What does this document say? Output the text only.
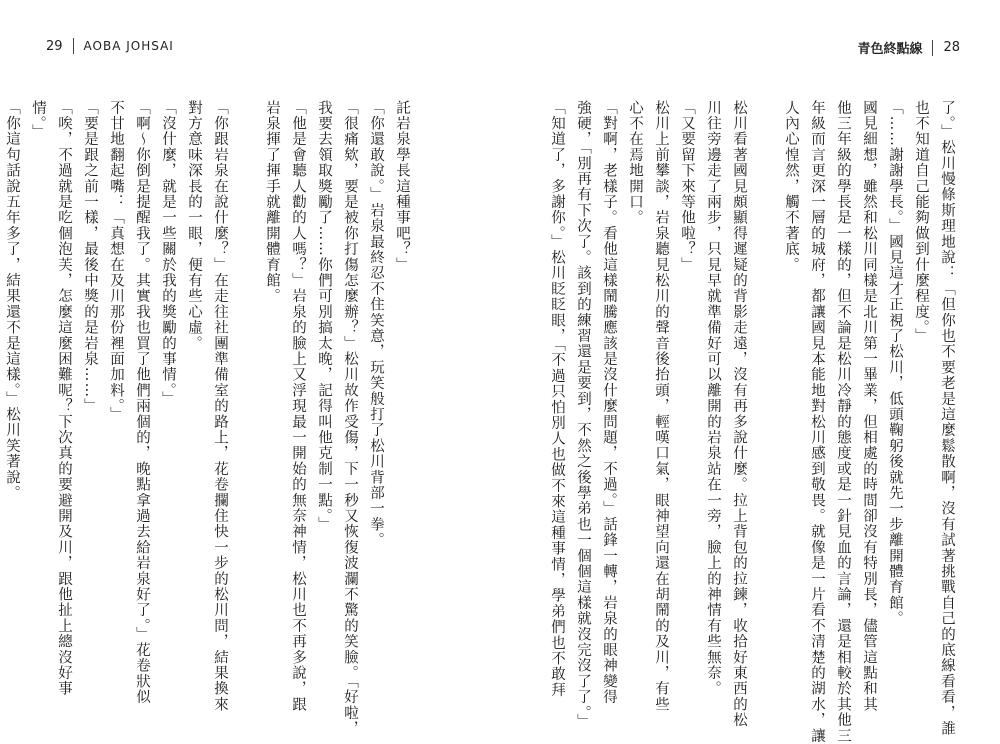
29 AOBA JOHSAI
託岩泉學長這種事吧？」
「你還敢說。」岩泉最終忍不住笑意，玩笑般打了松川背部一拳。
「很痛欸，要是被你打傷怎麼辦？」松川故作受傷，下一秒又恢復波瀾不驚的笑臉。「好啦，
我要去領取獎勵了……你們可別搞太晚，記得叫他克制一點。」
「他是會聽人勸的人嗎？」岩泉的臉上又浮現最一開始的無奈神情，松川也不再多說，跟
岩泉揮了揮手就離開體育館。

「你跟岩泉在說什麼？」在走往社團準備室的路上，花卷攔住快一步的松川問，結果換來
對方意味深長的一眼，便有些心虛。
「沒什麼，就是一些關於我的獎勵的事情。」
「啊～你倒是提醒我了。其實我也買了他們兩個的，晚點拿過去給岩泉好了。」花卷狀似
不甘地翻起嘴：「真想在及川那份裡面加料。」
「要是跟之前一樣，最後中獎的是岩泉……」
「唉，不過就是吃個泡芙，怎麼這麼困難呢？下次真的要避開及川，跟他扯上總沒好事
情。」
「你這句話說五年多了，結果還不是這樣。」松川笑著說。
青色終點線 28
了。」松川慢條斯理地說：「但你也不要老是這麼鬆散啊，沒有試著挑戰自己的底線看看，誰
也不知道自己能夠做到什麼程度。」
「……謝謝學長。」國見這才正視了松川，低頭鞠躬後就先一步離開體育館。
國見細想，雖然和松川同樣是北川第一畢業，但相處的時間卻沒有特別長，儘管這點和其
他三年級的學長是一樣的，但不論是松川冷靜的態度或是一針見血的言論，還是相較於其他三
年級而言更深一層的城府，都讓國見本能地對松川感到敬畏。就像是一片看不清楚的湖水，讓
人內心惶然，觸不著底。

松川看著國見頗顯得遲疑的背影走遠，沒有再多說什麼。拉上背包的拉鍊，收拾好東西的松
川往旁邊走了兩步，只見早就準備好可以離開的岩泉站在一旁，臉上的神情有些無奈。
「又要留下來等他啦？」
松川上前攀談，岩泉聽見松川的聲音後抬頭，輕嘆口氣，眼神望向還在胡鬧的及川，有些
心不在焉地開口。
「對啊，老樣子。看他這樣鬧騰應該是沒什麼問題，不過。」話鋒一轉，岩泉的眼神變得
強硬，「別再有下次了。該到的練習還是要到，不然之後學弟也一個個這樣就沒完沒了了。」
「知道了，多謝你。」松川眨眨眼，「不過只怕別人也做不來這種事情，學弟們也不敢拜
